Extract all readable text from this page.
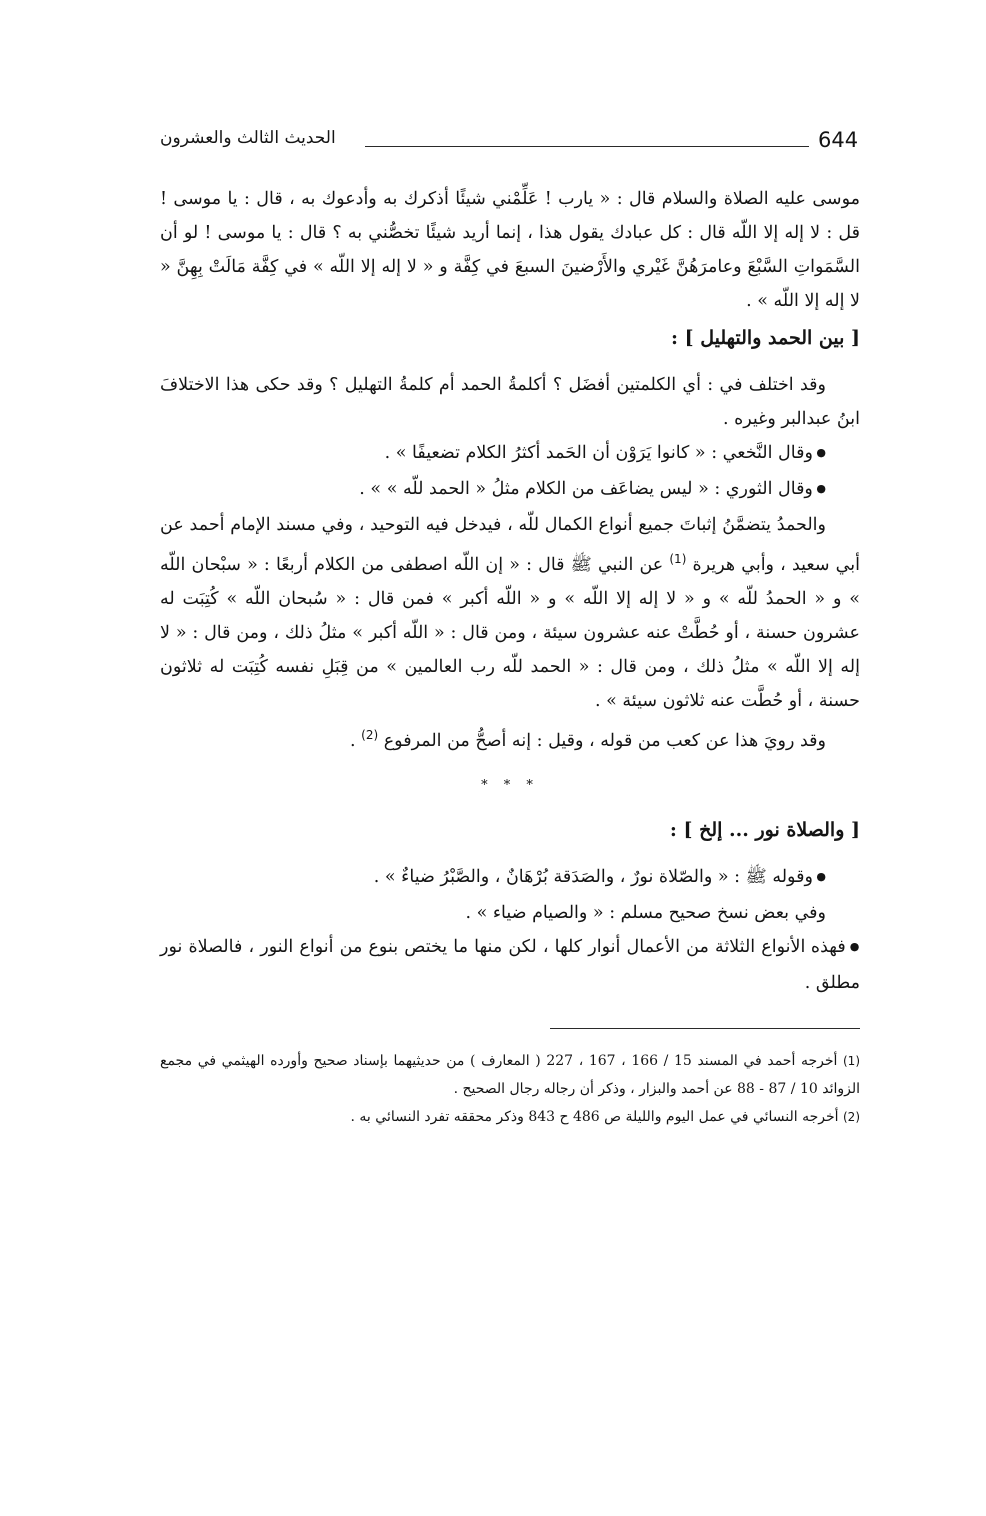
644
الحديث الثالث والعشرون

موسى عليه الصلاة والسلام قال : « يارب ! عَلِّمْني شيئًا أذكرك به وأدعوك به ، قال : يا موسى ! قل : لا إله إلا اللّه قال : كل عبادك يقول هذا ، إنما أريد شيئًا تخصُّني به ؟ قال : يا موسى ! لو أن السَّمَواتِ السَّبْعَ وعامرَهُنَّ غَيْري والأَرْضينَ السبعَ في كِفَّة و « لا إله إلا اللّه » في كِفَّة مَالَتْ بِهِنَّ « لا إله إلا اللّه » .

[ بين الحمد والتهليل ] :

وقد اختلف في : أي الكلمتين أفضَل ؟ أكلمةُ الحمد أم كلمةُ التهليل ؟ وقد حكى هذا الاختلافَ ابنُ عبدالبر وغيره .

● وقال النَّخعي : « كانوا يَرَوْن أن الحَمد أكثرُ الكلام تضعيفًا » .

● وقال الثوري : « ليس يضاعَف من الكلام مثلُ « الحمد للّه » » .

والحمدُ يتضمَّنُ إثباتَ جميع أنواع الكمال للّه ، فيدخل فيه التوحيد ، وفي مسند الإمام أحمد عن أبي سعيد ، وأبي هريرة $^{(1)}$ عن النبي ﷺ قال : « إن اللّه اصطفى من الكلام أربعًا : « سبْحان اللّه » و « الحمدُ للّه » و « لا إله إلا اللّه » و « اللّه أكبر » فمن قال : « سُبحان اللّه » كُتِبَت له عشرون حسنة ، أو حُطَّتْ عنه عشرون سيئة ، ومن قال : « اللّه أكبر » مثلُ ذلك ، ومن قال : « لا إله إلا اللّه » مثلُ ذلك ، ومن قال : « الحمد للّه رب العالمين » من قِبَلِ نفسه كُتِبَت له ثلاثون حسنة ، أو حُطَّت عنه ثلاثون سيئة » .

وقد رويَ هذا عن كعب من قوله ، وقيل : إنه أصحُّ من المرفوع $^{(2)}$ .

* * *
[ والصلاة نور ... إلخ ] :

● وقوله ﷺ : « والصّلاة نورٌ ، والصَدَقة بُرْهَانٌ ، والصَّبْرُ ضياءٌ » .

وفي بعض نسخ صحيح مسلم : « والصيام ضياء » .

● فهذه الأنواع الثلاثة من الأعمال أنوار كلها ، لكن منها ما يختص بنوع من أنواع النور ، فالصلاة نور مطلق .

(1) أخرجه أحمد في المسند 15 / 166 ، 167 ، 227 ( المعارف ) من حديثيهما بإسناد صحيح وأورده الهيثمي في مجمع الزوائد 10 / 87 - 88 عن أحمد والبزار ، وذكر أن رجاله رجال الصحيح .

(2) أخرجه النسائي في عمل اليوم والليلة ص 486 ح 843 وذكر محققه تفرد النسائي به .
